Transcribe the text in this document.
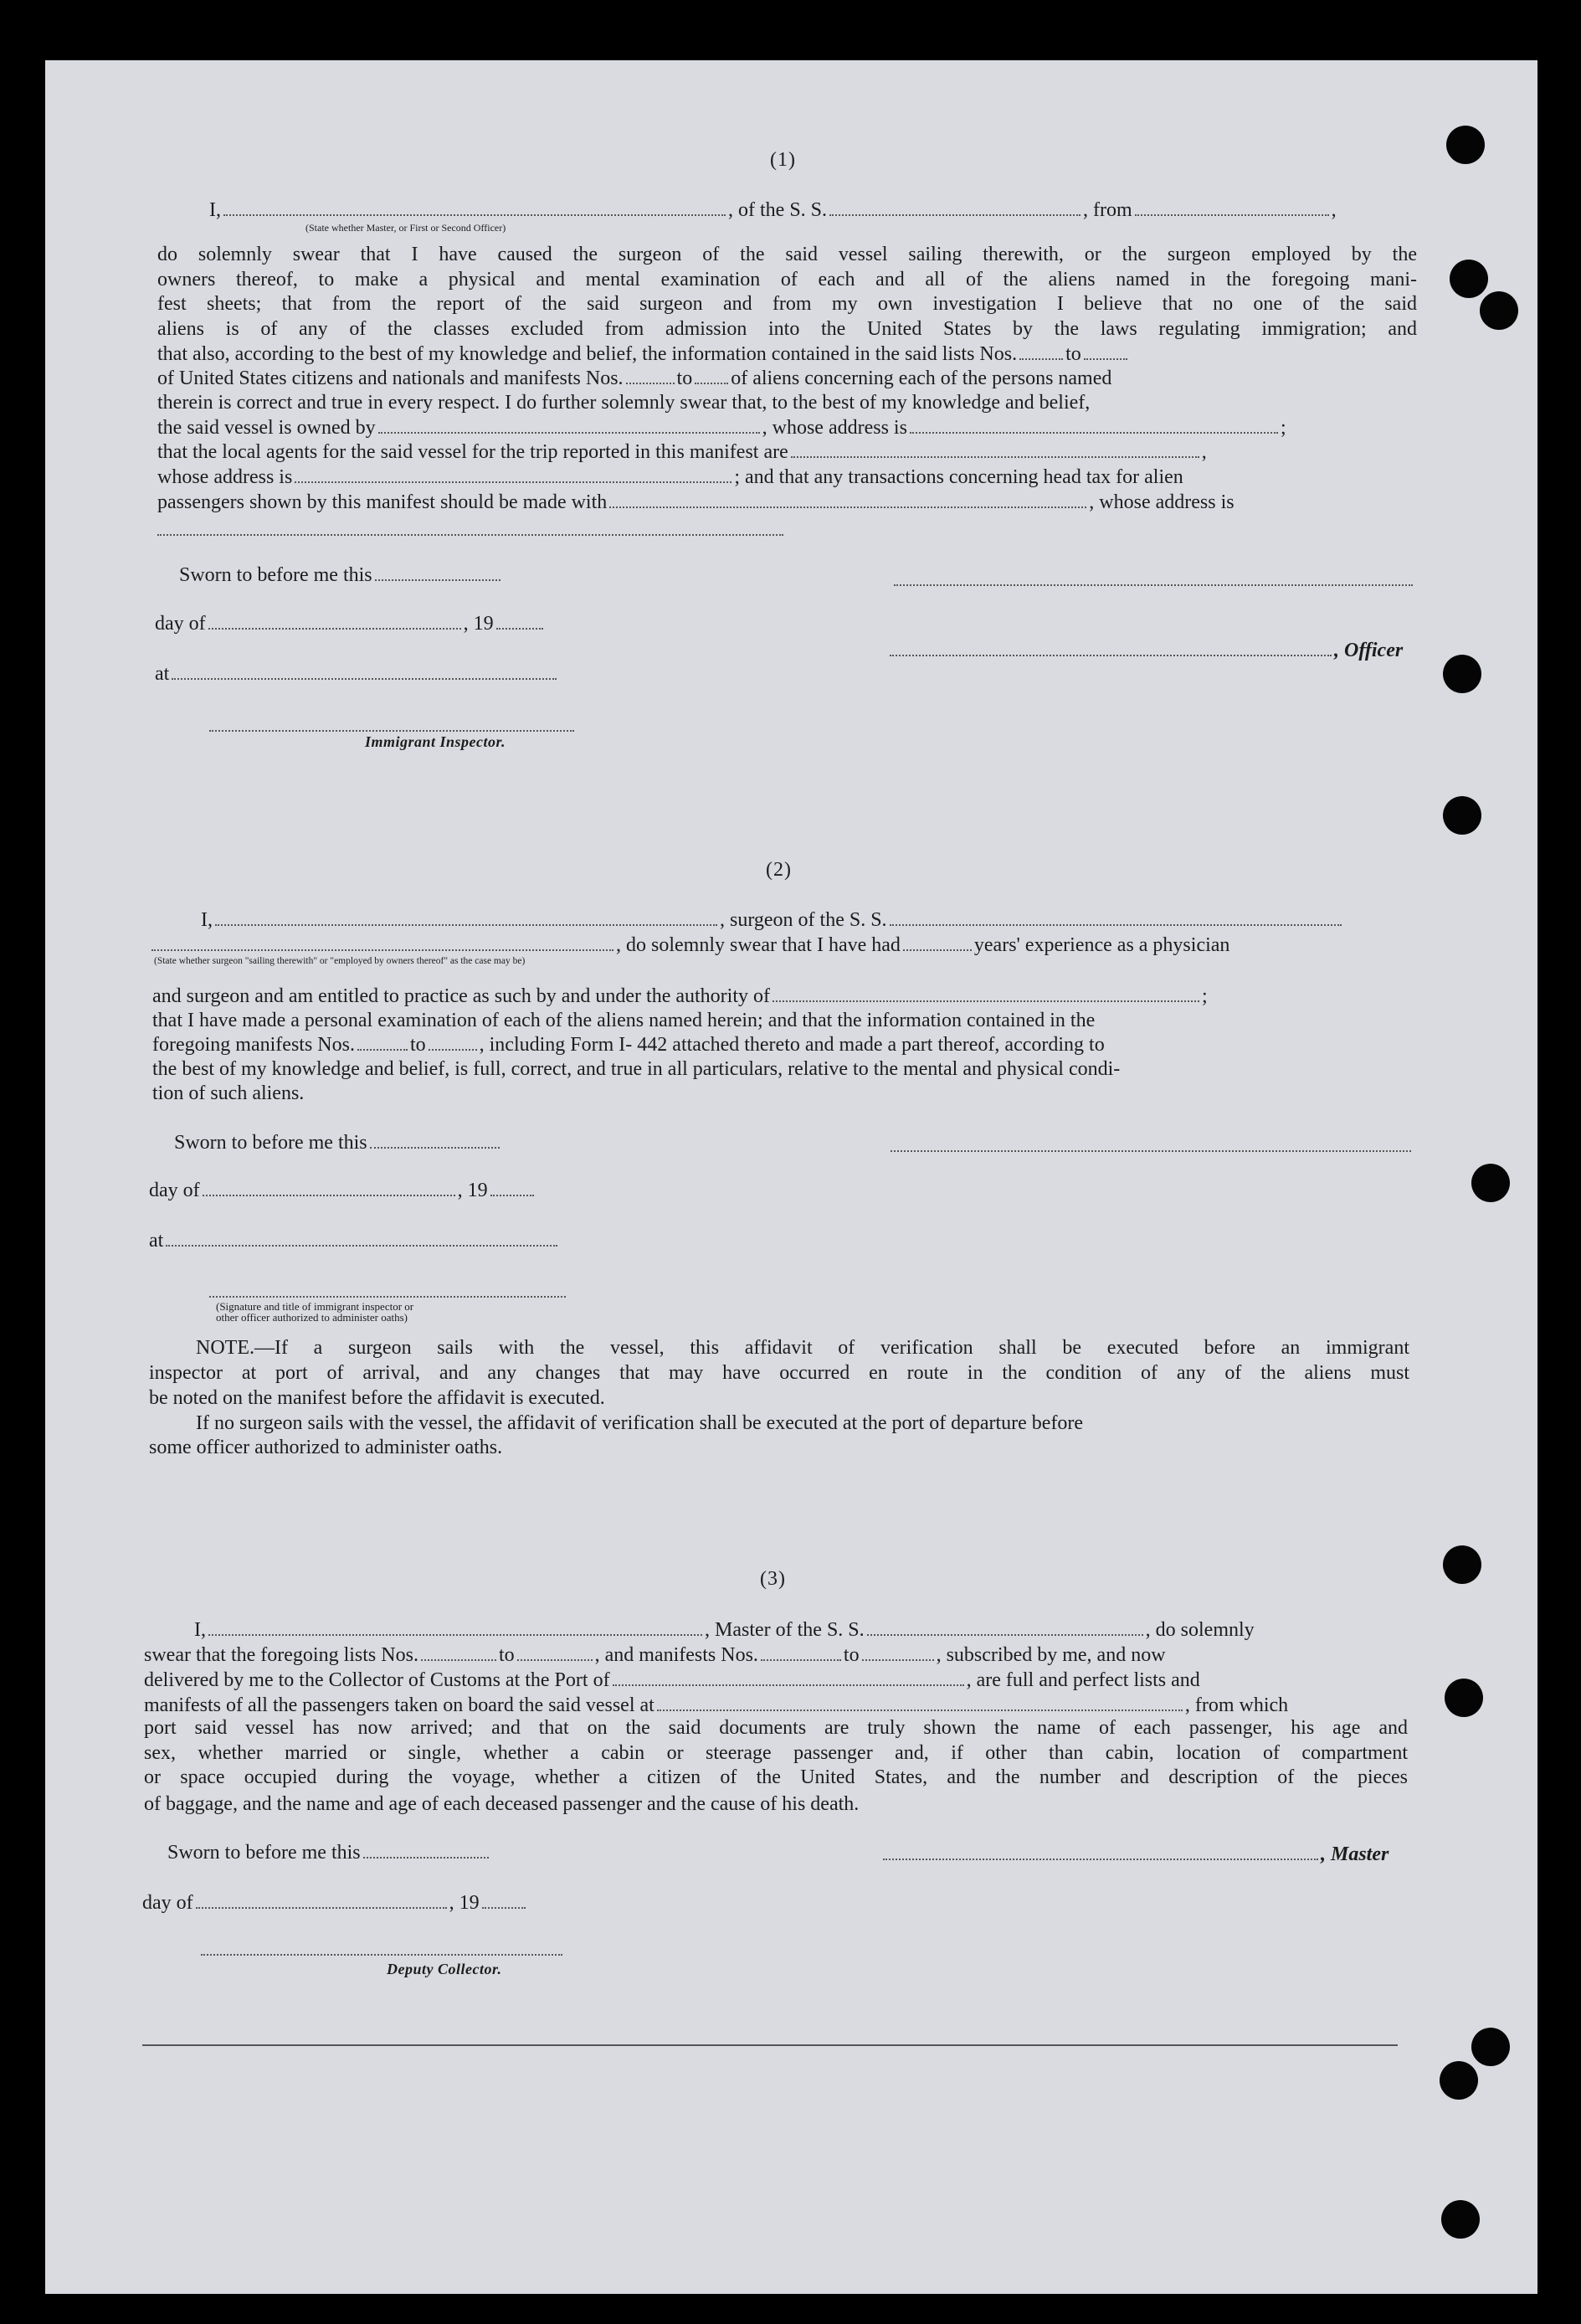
(1)
I,	, of the S. S.	, from	,
(State whether Master, or First or Second Officer)
do solemnly swear that I have caused the surgeon of the said vessel sailing therewith, or the surgeon employed by the
owners thereof, to make a physical and mental examination of each and all of the aliens named in the foregoing mani-
fest sheets; that from the report of the said surgeon and from my own investigation I believe that no one of the said
aliens is of any of the classes excluded from admission into the United States by the laws regulating immigration; and
that also, according to the best of my knowledge and belief, the information contained in the said lists Nos. to
of United States citizens and nationals and manifests Nos.	to of aliens concerning each of the persons named
therein is correct and true in every respect. I do further solemnly swear that, to the best of my knowledge and belief,
the said vessel is owned by	, whose address is	;
that the local agents for the said vessel for the trip reported in this manifest are	,
whose address is	; and that any transactions concerning head tax for alien
passengers shown by this manifest should be made with	, whose address is
Sworn to before me this
day of	, 19
, Officer
at
Immigrant Inspector.
(2)
I,	, surgeon of the S. S.
, do solemnly swear that I have had	years' experience as a physician
(State whether surgeon "sailing therewith" or "employed by owners thereof" as the case may be)
and surgeon and am entitled to practice as such by and under the authority of	;
that I have made a personal examination of each of the aliens named herein; and that the information contained in the
foregoing manifests Nos.	to	, including Form I- 442 attached thereto and made a part thereof, according to
the best of my knowledge and belief, is full, correct, and true in all particulars, relative to the mental and physical condi-
tion of such aliens.
Sworn to before me this
day of	, 19
at
(Signature and title of immigrant inspector or
other officer authorized to administer oaths)
NOTE.—If a surgeon sails with the vessel, this affidavit of verification shall be executed before an immigrant
inspector at port of arrival, and any changes that may have occurred en route in the condition of any of the aliens must
be noted on the manifest before the affidavit is executed.
If no surgeon sails with the vessel, the affidavit of verification shall be executed at the port of departure before
some officer authorized to administer oaths.
(3)
I,	, Master of the S. S.	, do solemnly
swear that the foregoing lists Nos.	to	, and manifests Nos.	to	, subscribed by me, and now
delivered by me to the Collector of Customs at the Port of	, are full and perfect lists and
manifests of all the passengers taken on board the said vessel at	, from which
port said vessel has now arrived; and that on the said documents are truly shown the name of each passenger, his age and
sex, whether married or single, whether a cabin or steerage passenger and, if other than cabin, location of compartment
or space occupied during the voyage, whether a citizen of the United States, and the number and description of the pieces
of baggage, and the name and age of each deceased passenger and the cause of his death.
Sworn to before me this	, Master
day of	, 19
Deputy Collector.
